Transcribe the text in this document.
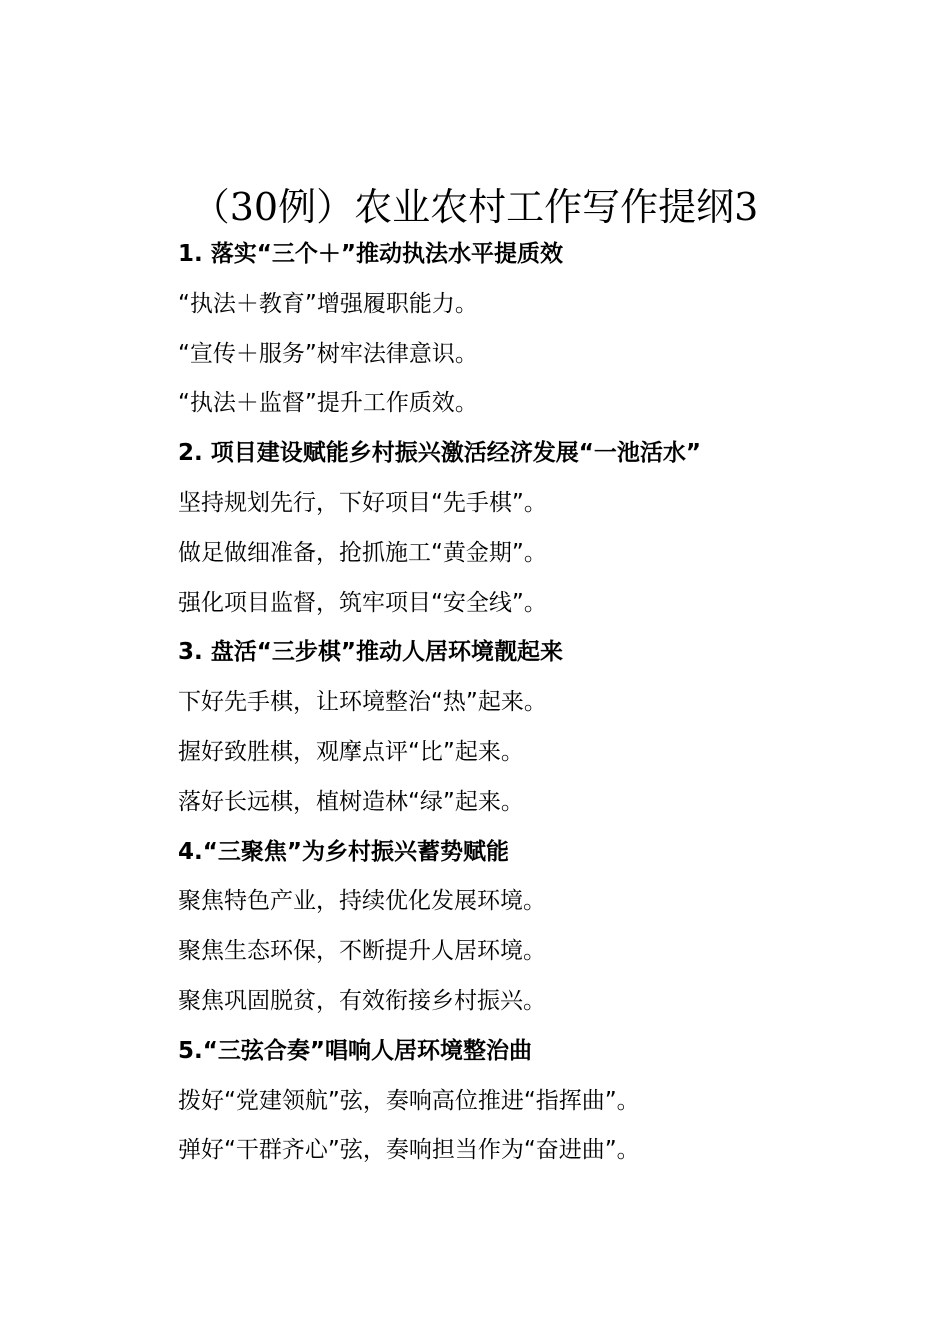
（30例）农业农村工作写作提纲3
1. 落实“三个＋”推动执法水平提质效
“执法＋教育”增强履职能力。
“宣传＋服务”树牢法律意识。
“执法＋监督”提升工作质效。
2. 项目建设赋能乡村振兴激活经济发展“一池活水”
坚持规划先行，下好项目“先手棋”。
做足做细准备，抢抓施工“黄金期”。
强化项目监督，筑牢项目“安全线”。
3. 盘活“三步棋”推动人居环境靓起来
下好先手棋，让环境整治“热”起来。
握好致胜棋，观摩点评“比”起来。
落好长远棋，植树造林“绿”起来。
4.“三聚焦”为乡村振兴蓄势赋能
聚焦特色产业，持续优化发展环境。
聚焦生态环保，不断提升人居环境。
聚焦巩固脱贫，有效衔接乡村振兴。
5.“三弦合奏”唱响人居环境整治曲
拨好“党建领航”弦，奏响高位推进“指挥曲”。
弹好“干群齐心”弦，奏响担当作为“奋进曲”。
